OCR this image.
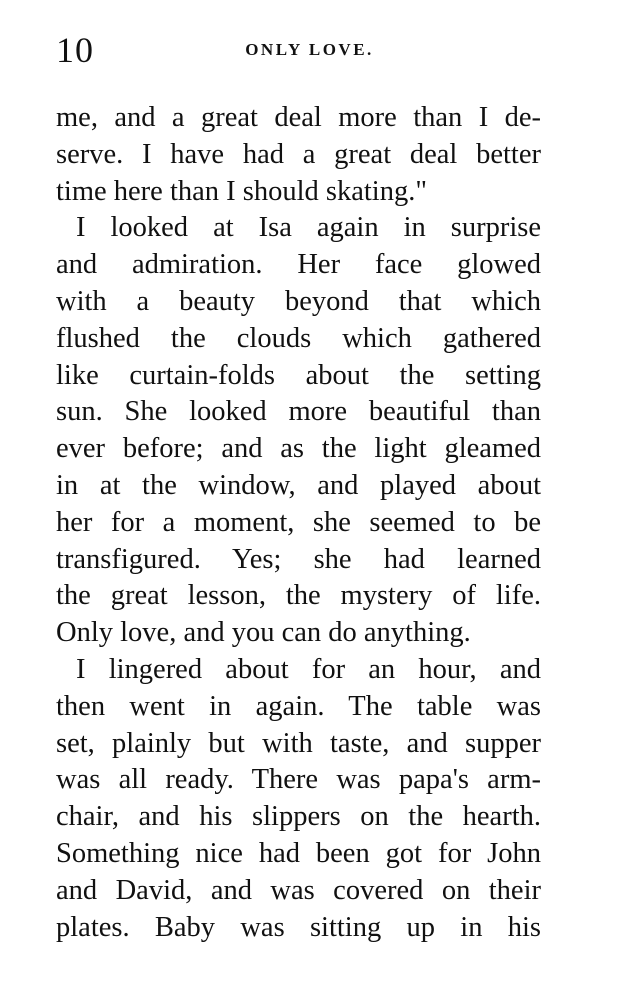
10	ONLY LOVE.
me, and a great deal more than I de-
serve. I have had a great deal better
time here than I should skating."
I looked at Isa again in surprise
and admiration. Her face glowed
with a beauty beyond that which
flushed the clouds which gathered
like curtain-folds about the setting
sun. She looked more beautiful than
ever before; and as the light gleamed
in at the window, and played about
her for a moment, she seemed to be
transfigured. Yes; she had learned
the great lesson, the mystery of life.
Only love, and you can do anything.
I lingered about for an hour, and
then went in again. The table was
set, plainly but with taste, and supper
was all ready. There was papa's arm-
chair, and his slippers on the hearth.
Something nice had been got for John
and David, and was covered on their
plates. Baby was sitting up in his
